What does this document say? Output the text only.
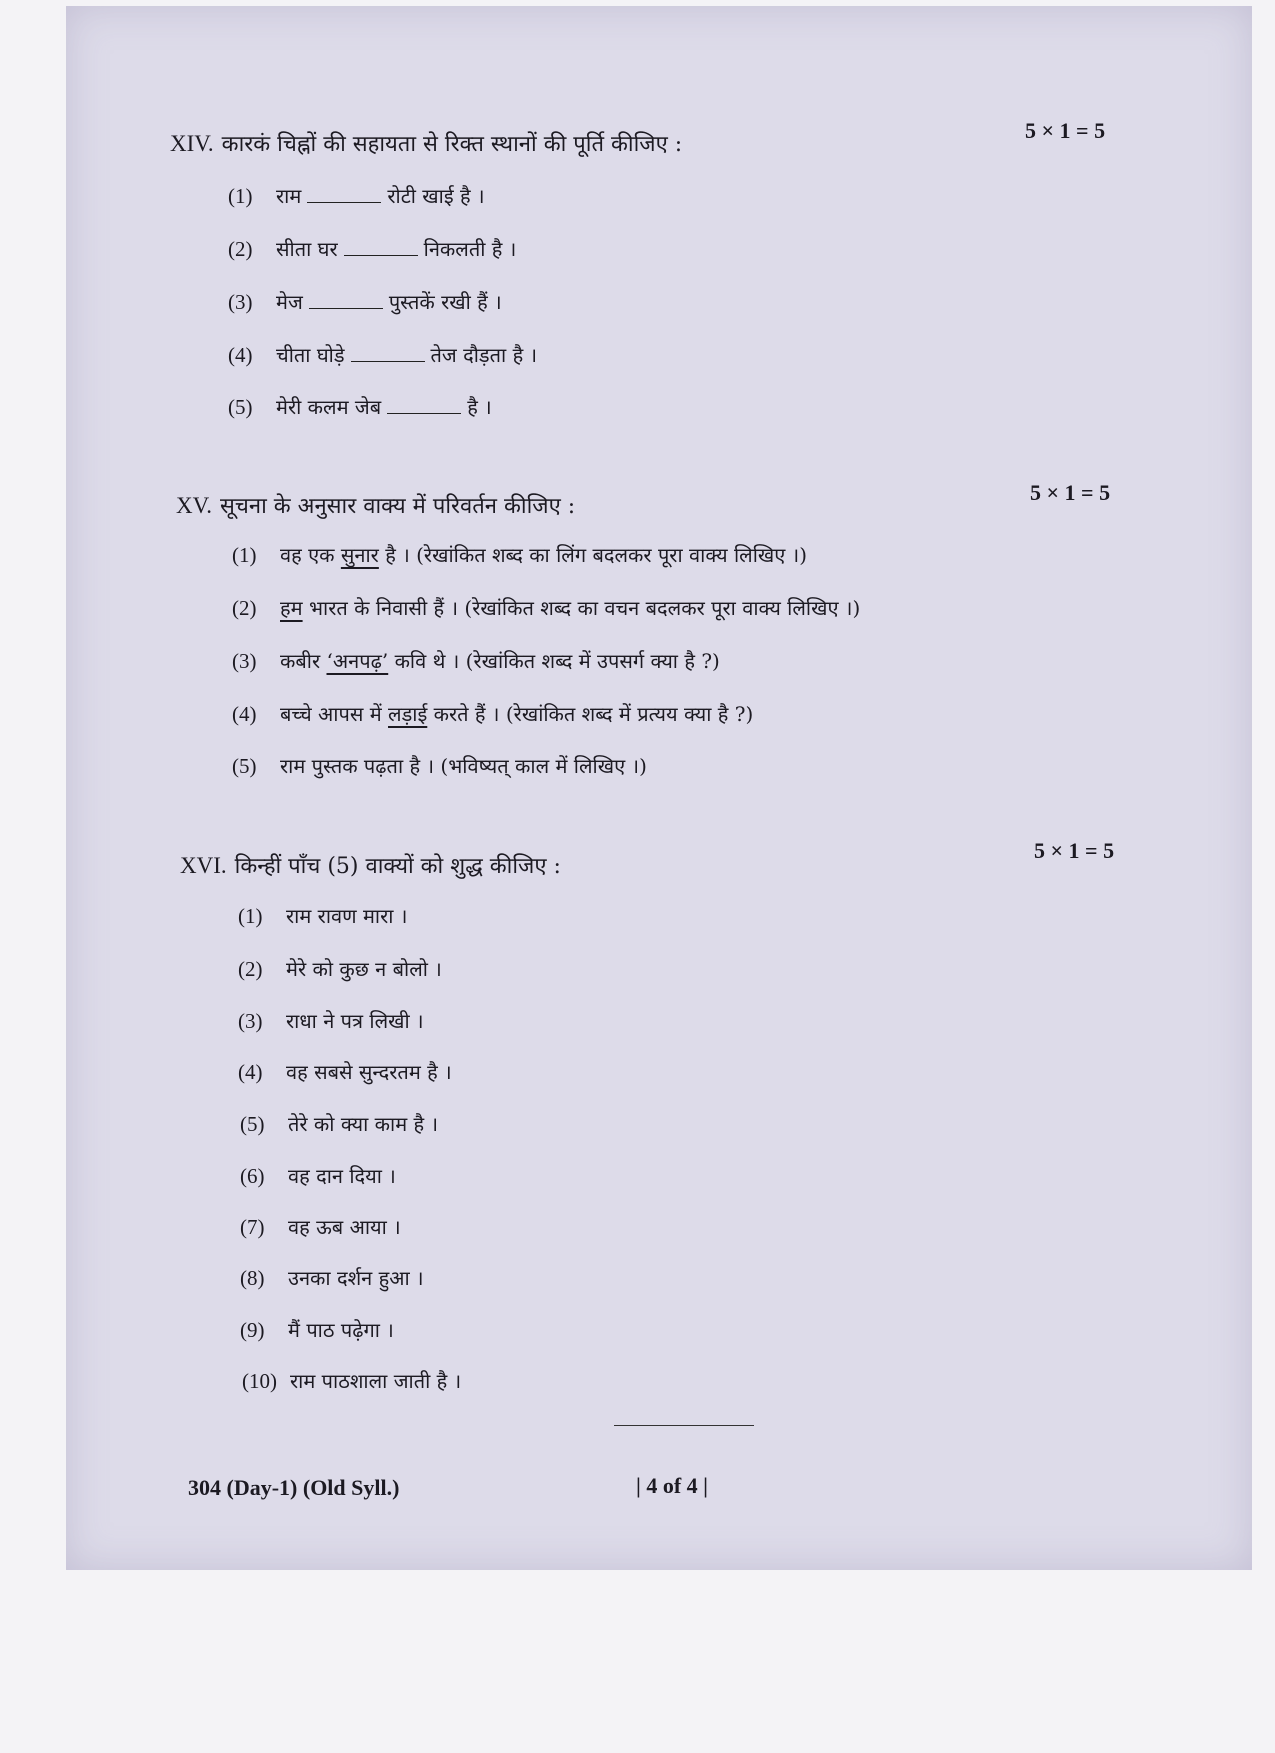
XIV. कारकं चिह्नों की सहायता से रिक्त स्थानों की पूर्ति कीजिए :
5 × 1 = 5
(1) राम	रोटी खाई है ।
(2) सीता घर	निकलती है ।
(3) मेज	पुस्तकें रखी हैं ।
(4) चीता घोड़े	तेज दौड़ता है ।
(5) मेरी कलम जेब	है ।
XV. सूचना के अनुसार वाक्य में परिवर्तन कीजिए :
5 × 1 = 5
(1) वह एक सुनार है । (रेखांकित शब्द का लिंग बदलकर पूरा वाक्य लिखिए ।)
(2) हम भारत के निवासी हैं । (रेखांकित शब्द का वचन बदलकर पूरा वाक्य लिखिए ।)
(3) कबीर ‘अनपढ़’ कवि थे । (रेखांकित शब्द में उपसर्ग क्या है ?)
(4) बच्चे आपस में लड़ाई करते हैं । (रेखांकित शब्द में प्रत्यय क्या है ?)
(5) राम पुस्तक पढ़ता है । (भविष्यत् काल में लिखिए ।)
XVI. किन्हीं पाँच (5) वाक्यों को शुद्ध कीजिए :
5 × 1 = 5
(1) राम रावण मारा ।
(2) मेरे को कुछ न बोलो ।
(3) राधा ने पत्र लिखी ।
(4) वह सबसे सुन्दरतम है ।
(5) तेरे को क्या काम है ।
(6) वह दान दिया ।
(7) वह ऊब आया ।
(8) उनका दर्शन हुआ ।
(9) मैं पाठ पढ़ेगा ।
(10) राम पाठशाला जाती है ।
304 (Day-1) (Old Syll.)	| 4 of 4 |
